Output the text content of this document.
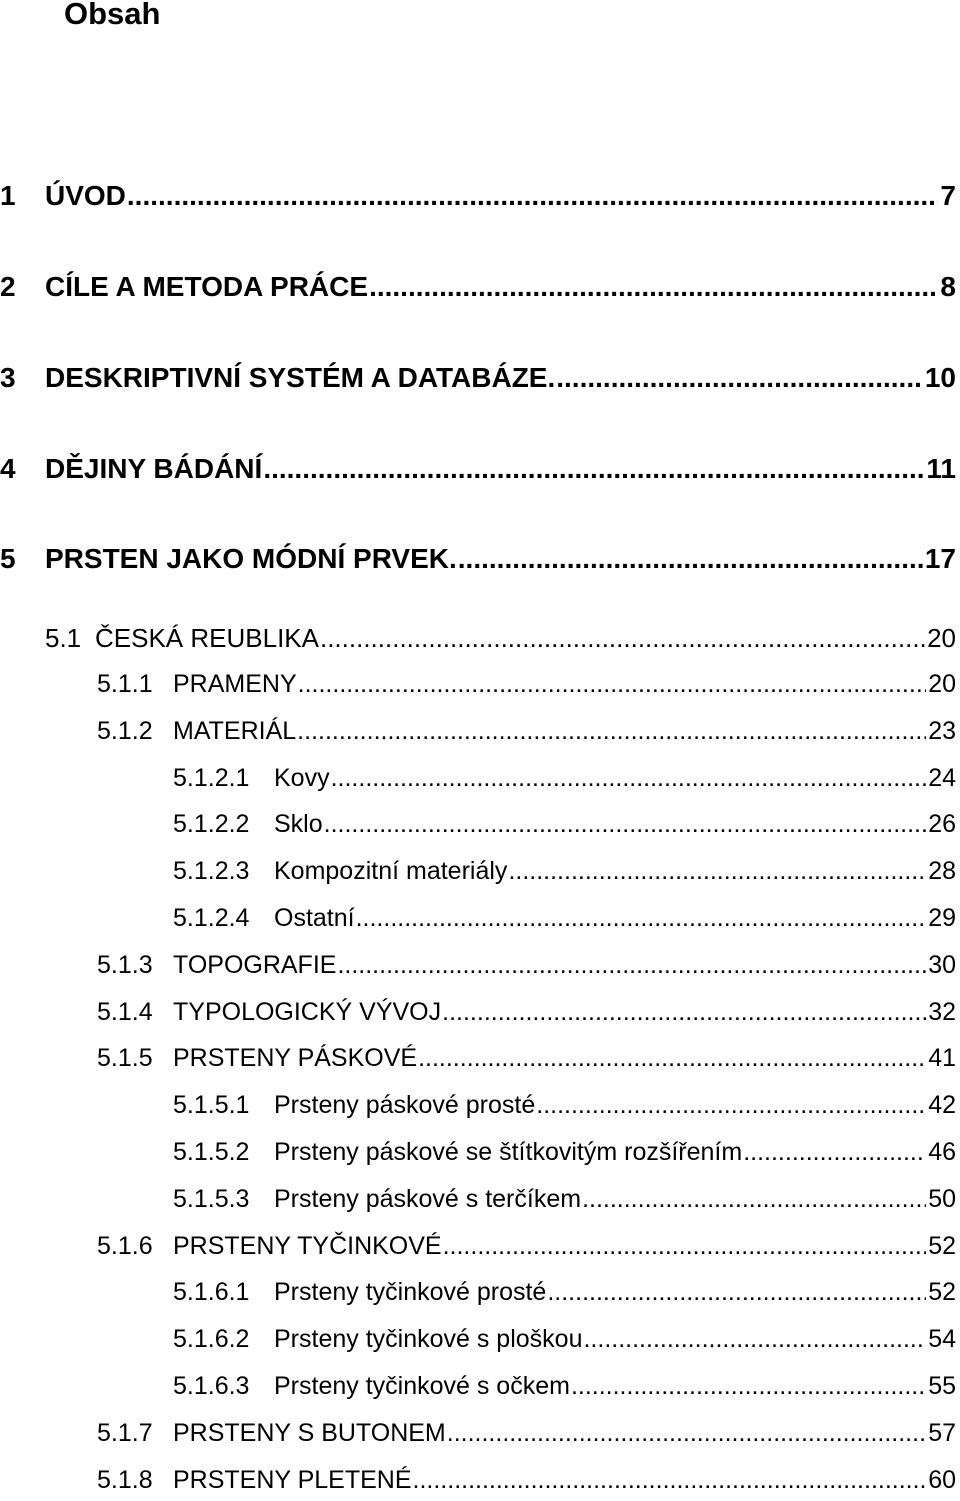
Obsah
1	ÚVOD .....	7
2	CÍLE A METODA PRÁCE .....	8
3	DESKRIPTIVNÍ SYSTÉM A DATABÁZE. .....	10
4	DĚJINY BÁDÁNÍ .....	11
5	PRSTEN JAKO MÓDNÍ PRVEK. .....	17
5.1 ČESKÁ REUBLIKA .....	20
5.1.1 PRAMENY .....	20
5.1.2 MATERIÁL .....	23
5.1.2.1 Kovy .....	24
5.1.2.2 Sklo .....	26
5.1.2.3 Kompozitní materiály .....	28
5.1.2.4 Ostatní .....	29
5.1.3 TOPOGRAFIE .....	30
5.1.4 TYPOLOGICKÝ VÝVOJ .....	32
5.1.5 PRSTENY PÁSKOVÉ .....	41
5.1.5.1 Prsteny páskové prosté .....	42
5.1.5.2 Prsteny páskové se štítkovitým rozšířením .....	46
5.1.5.3 Prsteny páskové s terčíkem .....	50
5.1.6 PRSTENY TYČINKOVÉ .....	52
5.1.6.1 Prsteny tyčinkové prosté .....	52
5.1.6.2 Prsteny tyčinkové s ploškou .....	54
5.1.6.3 Prsteny tyčinkové s očkem .....	55
5.1.7 PRSTENY S BUTONEM .....	57
5.1.8 PRSTENY PLETENÉ .....	60
